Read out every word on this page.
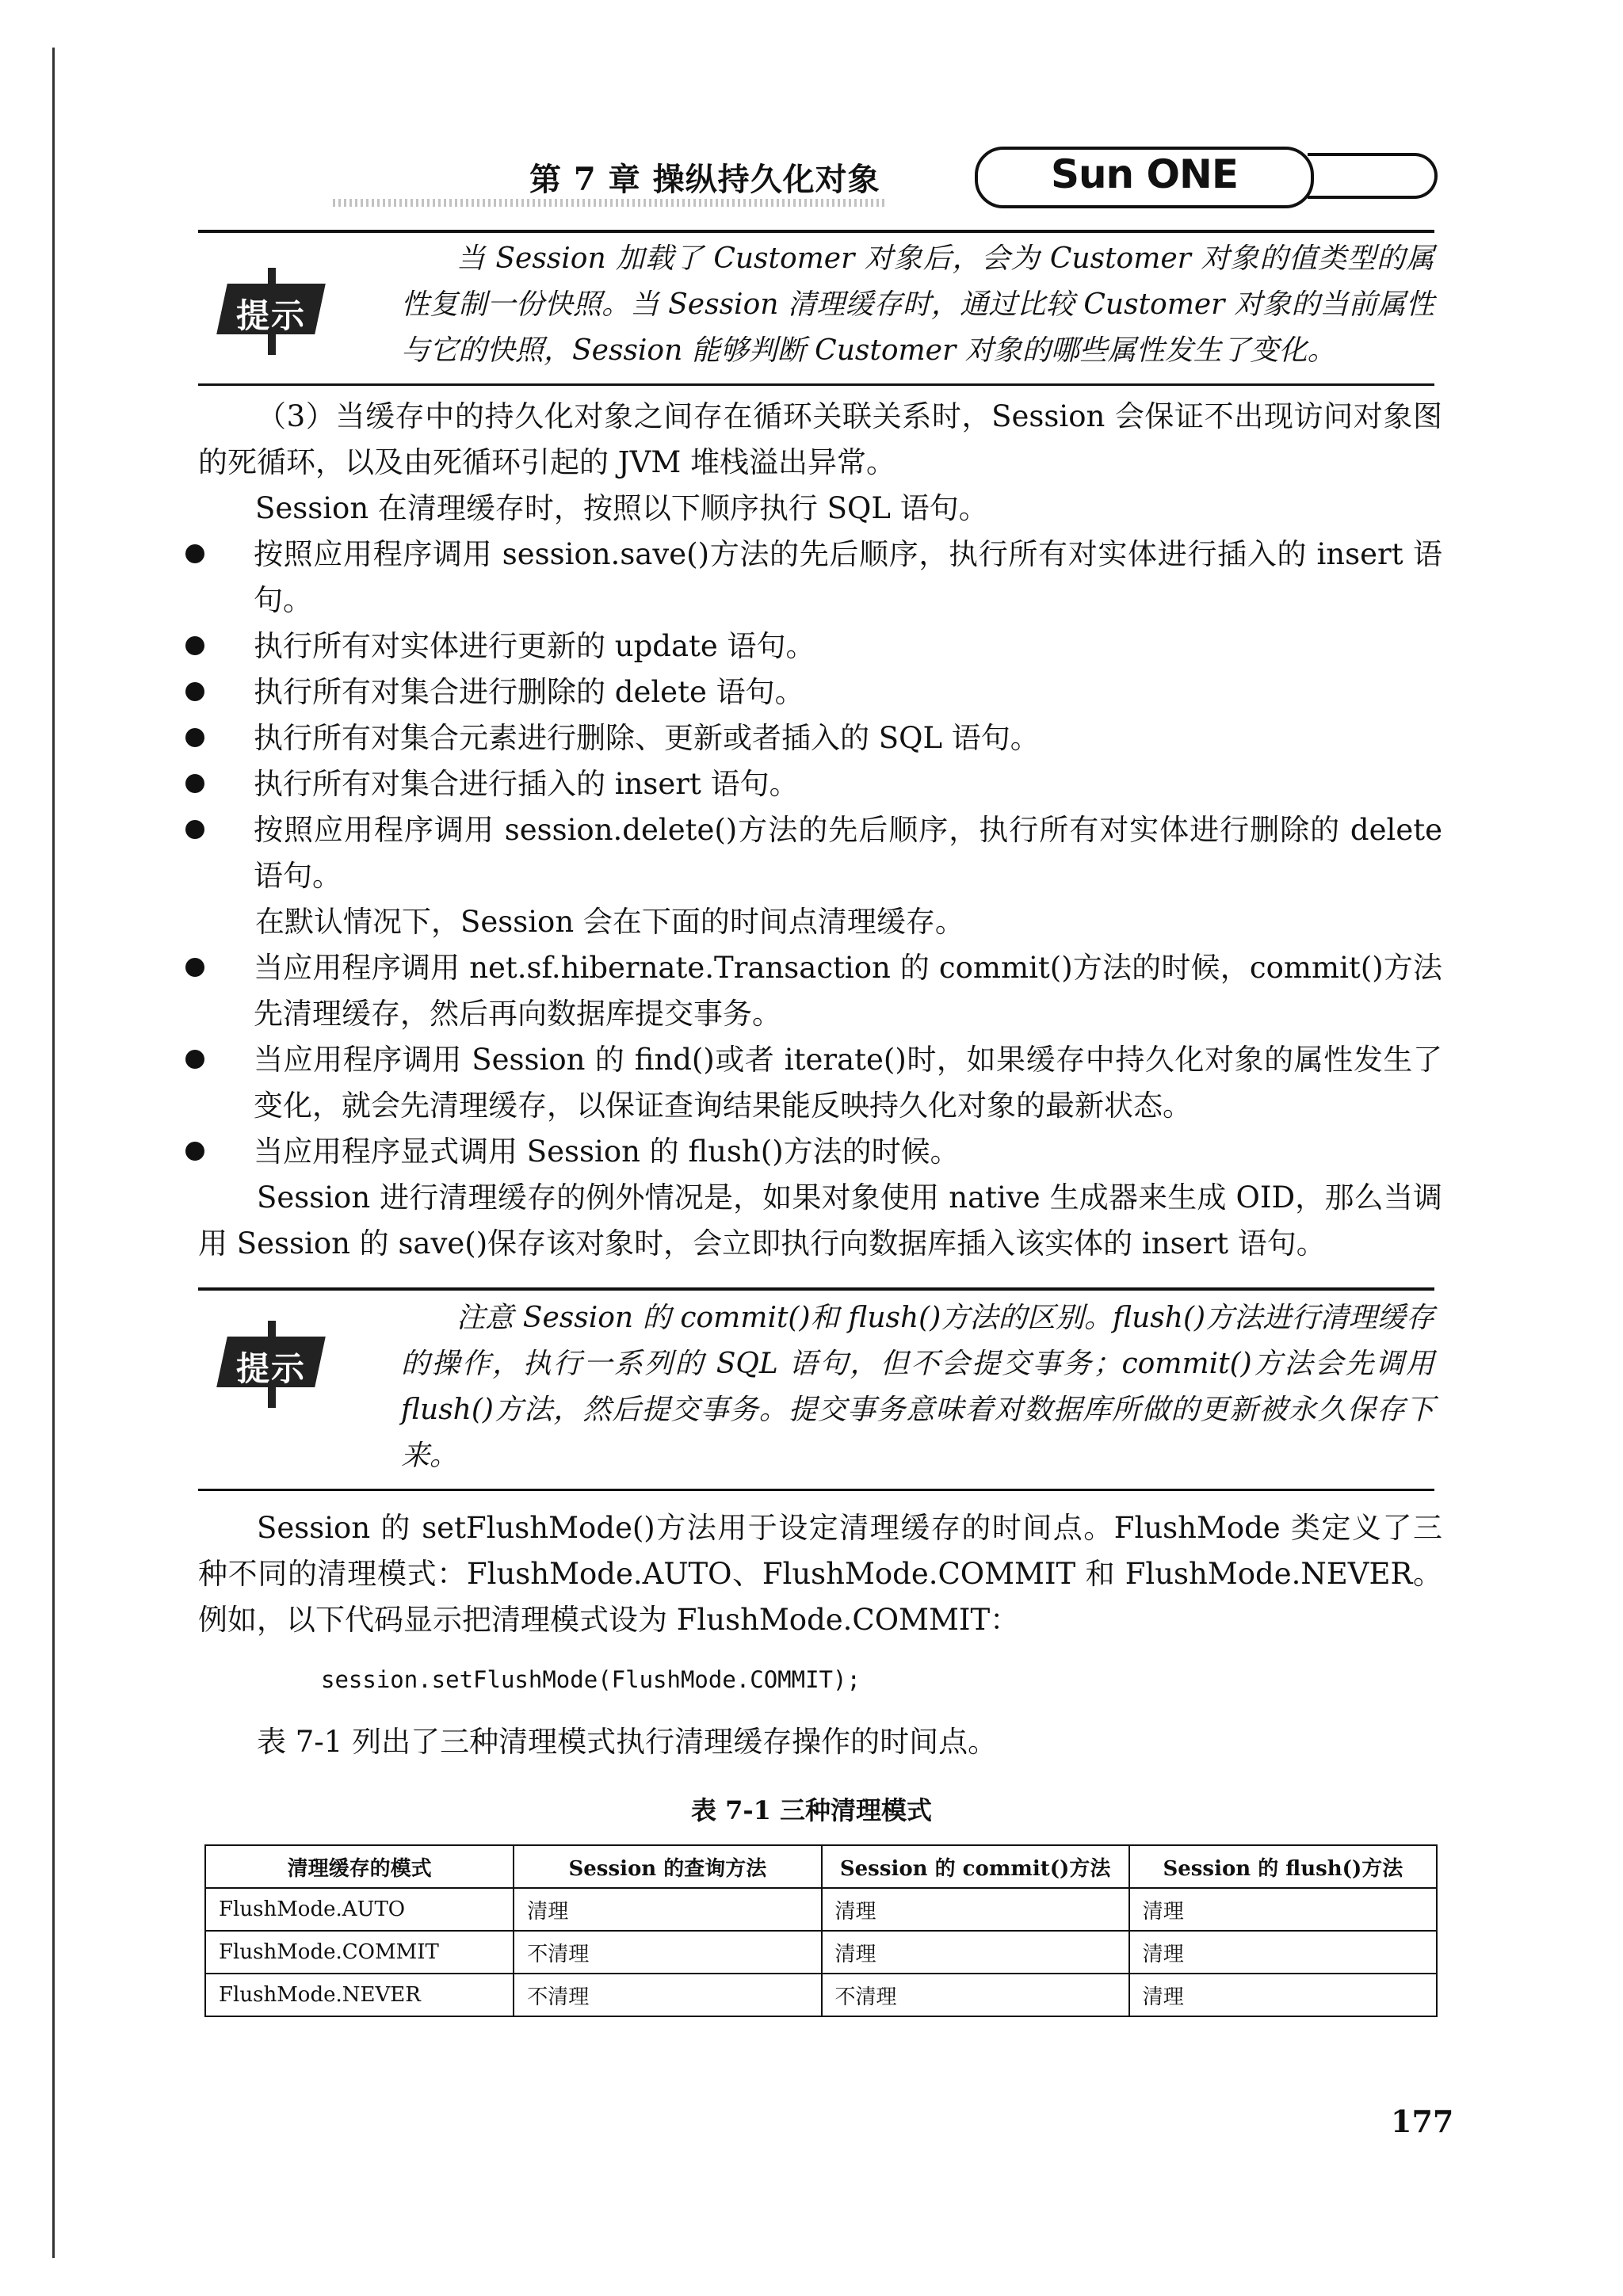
第 7 章 操纵持久化对象	Sun ONE
提示

当 Session 加载了 Customer 对象后，会为 Customer 对象的值类型的属性复制一份快照。当 Session 清理缓存时，通过比较 Customer 对象的当前属性与它的快照，Session 能够判断 Customer 对象的哪些属性发生了变化。

（3）当缓存中的持久化对象之间存在循环关联关系时，Session 会保证不出现访问对象图的死循环，以及由死循环引起的 JVM 堆栈溢出异常。
Session 在清理缓存时，按照以下顺序执行 SQL 语句。
按照应用程序调用 session.save()方法的先后顺序，执行所有对实体进行插入的 insert 语句。
执行所有对实体进行更新的 update 语句。
执行所有对集合进行删除的 delete 语句。
执行所有对集合元素进行删除、更新或者插入的 SQL 语句。
执行所有对集合进行插入的 insert 语句。
按照应用程序调用 session.delete()方法的先后顺序，执行所有对实体进行删除的 delete 语句。
在默认情况下，Session 会在下面的时间点清理缓存。
当应用程序调用 net.sf.hibernate.Transaction 的 commit()方法的时候，commit()方法先清理缓存，然后再向数据库提交事务。
当应用程序调用 Session 的 find()或者 iterate()时，如果缓存中持久化对象的属性发生了变化，就会先清理缓存，以保证查询结果能反映持久化对象的最新状态。
当应用程序显式调用 Session 的 flush()方法的时候。
Session 进行清理缓存的例外情况是，如果对象使用 native 生成器来生成 OID，那么当调用 Session 的 save()保存该对象时，会立即执行向数据库插入该实体的 insert 语句。
提示

注意 Session 的 commit()和 flush()方法的区别。flush()方法进行清理缓存的操作，执行一系列的 SQL 语句，但不会提交事务；commit()方法会先调用 flush()方法，然后提交事务。提交事务意味着对数据库所做的更新被永久保存下来。

Session 的 setFlushMode()方法用于设定清理缓存的时间点。FlushMode 类定义了三种不同的清理模式：FlushMode.AUTO、FlushMode.COMMIT 和 FlushMode.NEVER。例如，以下代码显示把清理模式设为 FlushMode.COMMIT：
session.setFlushMode(FlushMode.COMMIT);
表 7-1 列出了三种清理模式执行清理缓存操作的时间点。
表 7-1 三种清理模式
清理缓存的模式	Session 的查询方法	Session 的 commit()方法	Session 的 flush()方法
FlushMode.AUTO	清理	清理	清理
FlushMode.COMMIT	不清理	清理	清理
FlushMode.NEVER	不清理	不清理	清理
177
